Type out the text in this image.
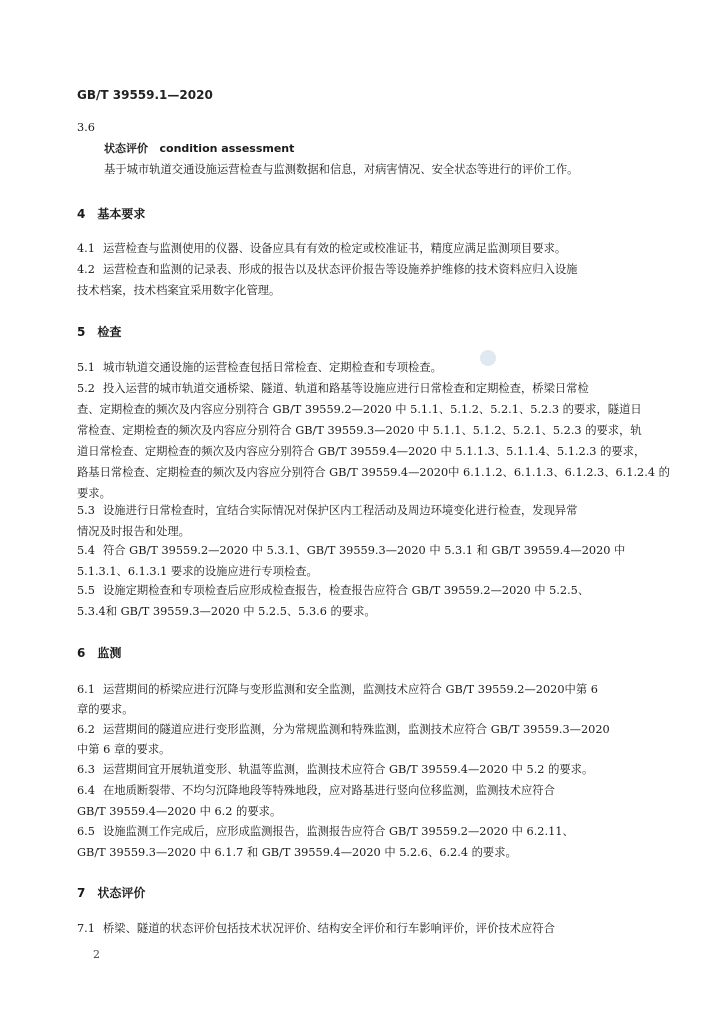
GB/T 39559.1—2020
3.6
状态评价 condition assessment
基于城市轨道交通设施运营检查与监测数据和信息，对病害情况、安全状态等进行的评价工作。
4　基本要求
4.1 运营检查与监测使用的仪器、设备应具有有效的检定或校准证书，精度应满足监测项目要求。
4.2 运营检查和监测的记录表、形成的报告以及状态评价报告等设施养护维修的技术资料应归入设施
技术档案，技术档案宜采用数字化管理。
5　检查
5.1 城市轨道交通设施的运营检查包括日常检查、定期检查和专项检查。
5.2 投入运营的城市轨道交通桥梁、隧道、轨道和路基等设施应进行日常检查和定期检查，桥梁日常检
查、定期检查的频次及内容应分别符合 GB/T 39559.2—2020 中 5.1.1、5.1.2、5.2.1、5.2.3 的要求，隧道日
常检查、定期检查的频次及内容应分别符合 GB/T 39559.3—2020 中 5.1.1、5.1.2、5.2.1、5.2.3 的要求，轨
道日常检查、定期检查的频次及内容应分别符合 GB/T 39559.4—2020 中 5.1.1.3、5.1.1.4、5.1.2.3 的要求，
路基日常检查、定期检查的频次及内容应分别符合 GB/T 39559.4—2020中 6.1.1.2、6.1.1.3、6.1.2.3、6.1.2.4 的
要求。
5.3 设施进行日常检查时，宜结合实际情况对保护区内工程活动及周边环境变化进行检查，发现异常
情况及时报告和处理。
5.4 符合 GB/T 39559.2—2020 中 5.3.1、GB/T 39559.3—2020 中 5.3.1 和 GB/T 39559.4—2020 中
5.1.3.1、6.1.3.1 要求的设施应进行专项检查。
5.5 设施定期检查和专项检查后应形成检查报告，检查报告应符合 GB/T 39559.2—2020 中 5.2.5、
5.3.4和 GB/T 39559.3—2020 中 5.2.5、5.3.6 的要求。
6　监测
6.1 运营期间的桥梁应进行沉降与变形监测和安全监测，监测技术应符合 GB/T 39559.2—2020中第 6
章的要求。
6.2 运营期间的隧道应进行变形监测，分为常规监测和特殊监测，监测技术应符合 GB/T 39559.3—2020
中第 6 章的要求。
6.3 运营期间宜开展轨道变形、轨温等监测，监测技术应符合 GB/T 39559.4—2020 中 5.2 的要求。
6.4 在地质断裂带、不均匀沉降地段等特殊地段，应对路基进行竖向位移监测，监测技术应符合
GB/T 39559.4—2020 中 6.2 的要求。
6.5 设施监测工作完成后，应形成监测报告，监测报告应符合 GB/T 39559.2—2020 中 6.2.11、
GB/T 39559.3—2020 中 6.1.7 和 GB/T 39559.4—2020 中 5.2.6、6.2.4 的要求。
7　状态评价
7.1 桥梁、隧道的状态评价包括技术状况评价、结构安全评价和行车影响评价，评价技术应符合
2
